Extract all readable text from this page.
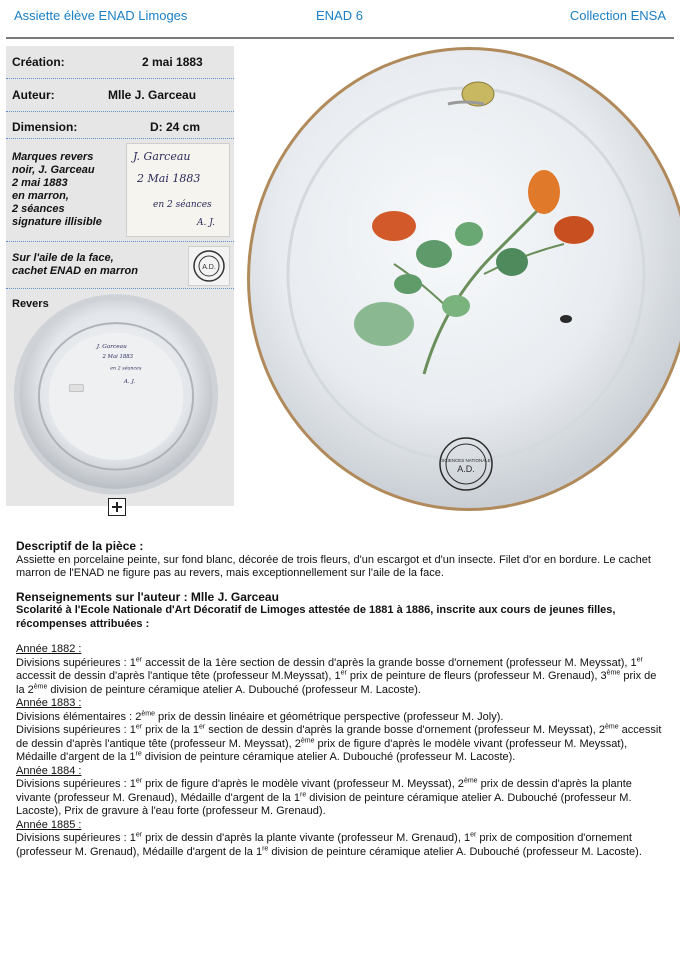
Assiette élève ENAD Limoges	ENAD 6	Collection ENSA
Création:	2 mai 1883
Auteur:	Mlle J. Garceau
Dimension:	D: 24 cm
Marques revers
noir, J. Garceau
2 mai 1883
en marron,
2 séances
signature illisible
J. Garceau
2 Mai 1883
en 2 séances
A. J.
Sur l'aile de la face,
cachet ENAD en marron	A.D.
Revers
J. Garceau
2 Mai 1883
en 2 séances
A. J.
SCIENCES NATIONALE
A.D.
Descriptif de la pièce :

Assiette en porcelaine peinte, sur fond blanc, décorée de trois fleurs, d'un escargot et d'un insecte. Filet d'or en bordure. Le cachet marron de l'ENAD ne figure pas au revers, mais exceptionnellement sur l'aile de la face.

Renseignements sur l'auteur : Mlle J. Garceau

Scolarité à l'Ecole Nationale d'Art Décoratif de Limoges attestée de 1881 à 1886, inscrite aux cours de jeunes filles, récompenses attribuées :

Année 1882 :

Divisions supérieures : 1er accessit de la 1ère section de dessin d'après la grande bosse d'ornement (professeur M. Meyssat), 1er accessit de dessin d'après l'antique tête (professeur M.Meyssat), 1er prix de peinture de fleurs (professeur M. Grenaud), 3ème prix de la 2ème division de peinture céramique atelier A. Dubouché (professeur M. Lacoste).

Année 1883 :

Divisions élémentaires : 2ème prix de dessin linéaire et géométrique perspective (professeur M. Joly).
Divisions supérieures : 1er prix de la 1er section de dessin d'après la grande bosse d'ornement (professeur M. Meyssat), 2ème accessit de dessin d'après l'antique tête (professeur M. Meyssat), 2ème prix de figure d'après le modèle vivant (professeur M. Meyssat), Médaille d'argent de la 1re division de peinture céramique atelier A. Dubouché (professeur M. Lacoste).

Année 1884 :

Divisions supérieures : 1er prix de figure d'après le modèle vivant (professeur M. Meyssat), 2ème prix de dessin d'après la plante vivante (professeur M. Grenaud), Médaille d'argent de la 1re division de peinture céramique atelier A. Dubouché (professeur M. Lacoste), Prix de gravure à l'eau forte (professeur M. Grenaud).

Année 1885 :

Divisions supérieures : 1er prix de dessin d'après la plante vivante (professeur M. Grenaud), 1er prix de composition d'ornement (professeur M. Grenaud), Médaille d'argent de la 1re division de peinture céramique atelier A. Dubouché (professeur M. Lacoste).
